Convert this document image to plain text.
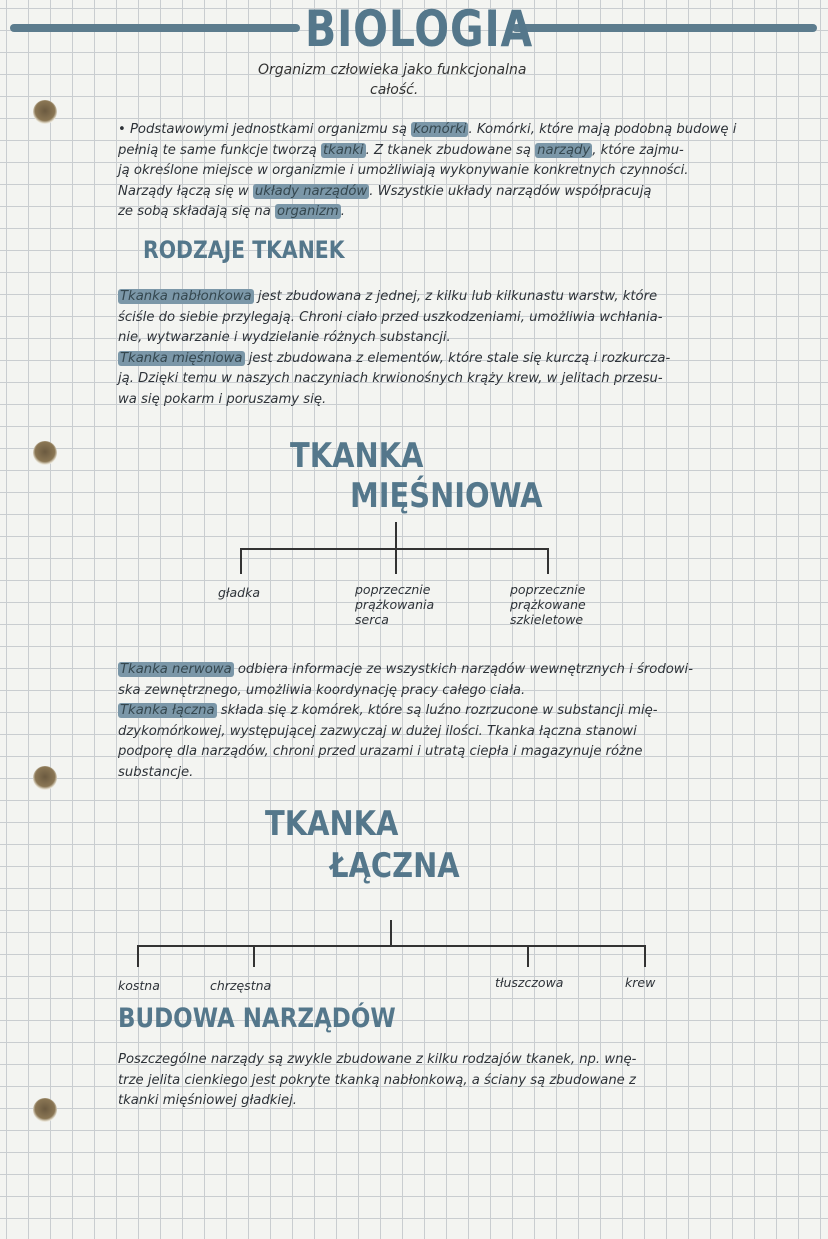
BIOLOGIA
Organizm człowieka jako funkcjonalna
całość.
• Podstawowymi jednostkami organizmu są komórki . Komórki, które mają podobną budowę i
pełnią te same funkcje tworzą tkanki . Z tkanek zbudowane są narządy , które zajmu-
ją określone miejsce w organizmie i umożliwiają wykonywanie konkretnych czynności.
Narządy łączą się w układy narządów . Wszystkie układy narządów współpracują
ze sobą składają się na organizm .
RODZAJE TKANEK
Tkanka nabłonkowa jest zbudowana z jednej, z kilku lub kilkunastu warstw, które
ściśle do siebie przylegają. Chroni ciało przed uszkodzeniami, umożliwia wchłania-
nie, wytwarzanie i wydzielanie różnych substancji.
Tkanka mięśniowa jest zbudowana z elementów, które stale się kurczą i rozkurcza-
ją. Dzięki temu w naszych naczyniach krwionośnych krąży krew, w jelitach przesu-
wa się pokarm i poruszamy się.
TKANKA
MIĘŚNIOWA
gładka	poprzecznie
prążkowania
serca
poprzecznie
prążkowane
szkieletowe
Tkanka nerwowa odbiera informacje ze wszystkich narządów wewnętrznych i środowi-
ska zewnętrznego, umożliwia koordynację pracy całego ciała.
Tkanka łączna składa się z komórek, które są luźno rozrzucone w substancji mię-
dzykomórkowej, występującej zazwyczaj w dużej ilości. Tkanka łączna stanowi
podporę dla narządów, chroni przed urazami i utratą ciepła i magazynuje różne
substancje.
TKANKA
ŁĄCZNA
kostna	chrzęstna	tłuszczowa	krew
BUDOWA NARZĄDÓW
Poszczególne narządy są zwykle zbudowane z kilku rodzajów tkanek, np. wnę-
trze jelita cienkiego jest pokryte tkanką nabłonkową, a ściany są zbudowane z
tkanki mięśniowej gładkiej.
